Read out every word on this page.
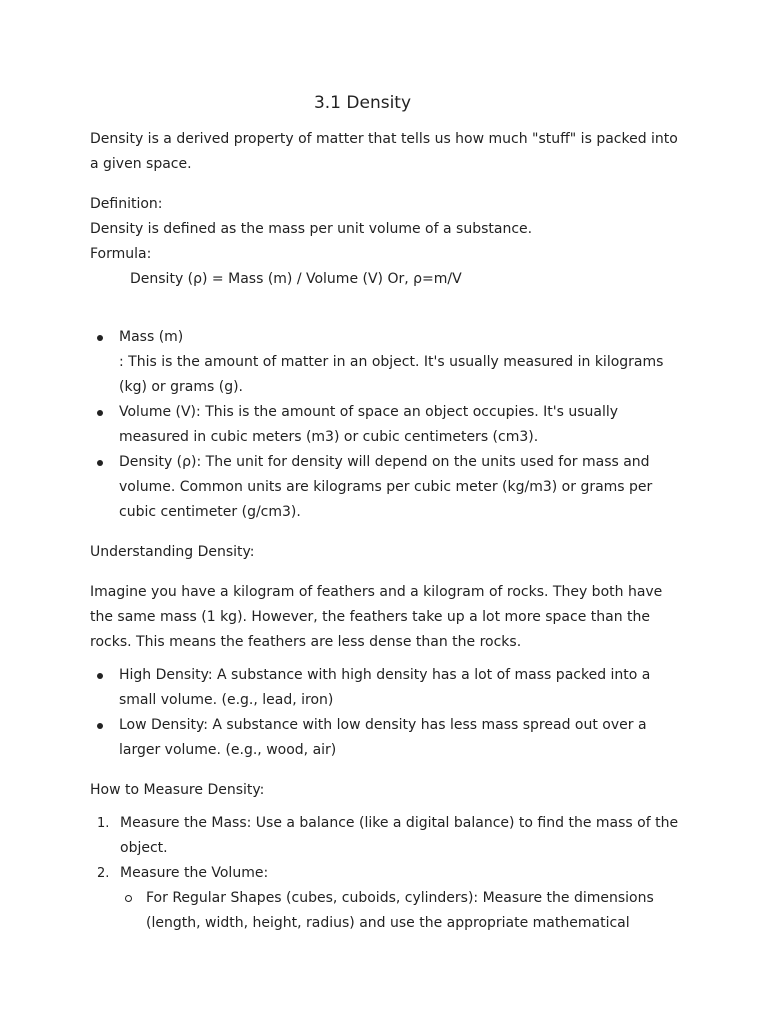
3.1 Density

Density is a derived property of matter that tells us how much "stuff" is packed into a given space.

Definition:

Density is defined as the mass per unit volume of a substance.

Formula:

Density (ρ) = Mass (m) / Volume (V) Or, ρ=m/V

Mass (m)
: This is the amount of matter in an object. It's usually measured in kilograms (kg) or grams (g).
Volume (V): This is the amount of space an object occupies. It's usually measured in cubic meters (m3) or cubic centimeters (cm3).
Density (ρ): The unit for density will depend on the units used for mass and volume. Common units are kilograms per cubic meter (kg/m3) or grams per cubic centimeter (g/cm3).

Understanding Density:

Imagine you have a kilogram of feathers and a kilogram of rocks. They both have the same mass (1 kg). However, the feathers take up a lot more space than the rocks. This means the feathers are less dense than the rocks.

High Density: A substance with high density has a lot of mass packed into a small volume. (e.g., lead, iron)
Low Density: A substance with low density has less mass spread out over a larger volume. (e.g., wood, air)

How to Measure Density:

1. Measure the Mass: Use a balance (like a digital balance) to find the mass of the object.
2. Measure the Volume:
For Regular Shapes (cubes, cuboids, cylinders): Measure the dimensions (length, width, height, radius) and use the appropriate mathematical
